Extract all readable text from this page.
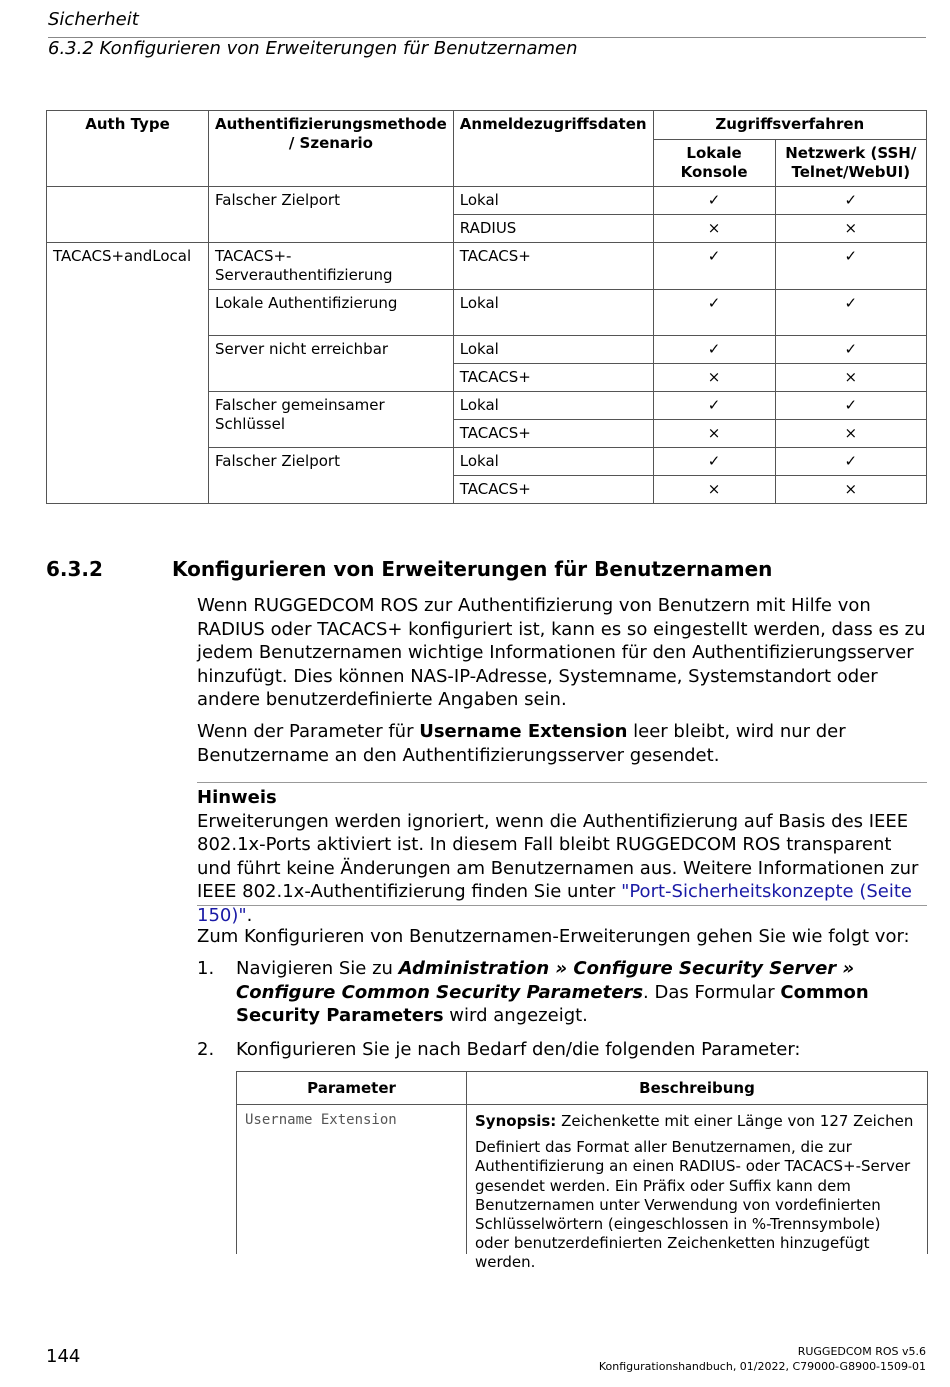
Sicherheit
6.3.2 Konfigurieren von Erweiterungen für Benutzernamen
Auth Type	Authentifizierungsmethode / Szenario	Anmeldezugriffsdaten	Zugriffsverfahren	
			Lokale Konsole	Netzwerk (SSH/ Telnet/WebUI)
	Falscher Zielport	Lokal	✓	✓
		RADIUS	×	×
TACACS+andLocal	TACACS+-Serverauthentifizierung	TACACS+	✓	✓
	Lokale Authentifizierung	Lokal	✓	✓
	Server nicht erreichbar	Lokal	✓	✓
		TACACS+	×	×
	Falscher gemeinsamer Schlüssel	Lokal	✓	✓
		TACACS+	×	×
	Falscher Zielport	Lokal	✓	✓
		TACACS+	×	×
6.3.2	Konfigurieren von Erweiterungen für Benutzernamen
Wenn RUGGEDCOM ROS zur Authentifizierung von Benutzern mit Hilfe von RADIUS oder TACACS+ konfiguriert ist, kann es so eingestellt werden, dass es zu jedem Benutzernamen wichtige Informationen für den Authentifizierungsserver hinzufügt. Dies können NAS-IP-Adresse, Systemname, Systemstandort oder andere benutzerdefinierte Angaben sein.
Wenn der Parameter für Username Extension leer bleibt, wird nur der Benutzername an den Authentifizierungsserver gesendet.
Hinweis
Erweiterungen werden ignoriert, wenn die Authentifizierung auf Basis des IEEE 802.1x-Ports aktiviert ist. In diesem Fall bleibt RUGGEDCOM ROS transparent und führt keine Änderungen am Benutzernamen aus. Weitere Informationen zur IEEE 802.1x-Authentifizierung finden Sie unter "Port-Sicherheitskonzepte (Seite 150)".
Zum Konfigurieren von Benutzernamen-Erweiterungen gehen Sie wie folgt vor:
1. Navigieren Sie zu Administration » Configure Security Server » Configure Common Security Parameters. Das Formular Common Security Parameters wird angezeigt.
2. Konfigurieren Sie je nach Bedarf den/die folgenden Parameter:
Parameter	Beschreibung
Username Extension	Synopsis: Zeichenkette mit einer Länge von 127 Zeichen
Definiert das Format aller Benutzernamen, die zur Authentifizierung an einen RADIUS- oder TACACS+-Server gesendet werden. Ein Präfix oder Suffix kann dem Benutzernamen unter Verwendung von vordefinierten Schlüsselwörtern (eingeschlossen in %-Trennsymbole) oder benutzerdefinierten Zeichenketten hinzugefügt werden.
144	RUGGEDCOM ROS v5.6
Konfigurationshandbuch, 01/2022, C79000-G8900-1509-01
